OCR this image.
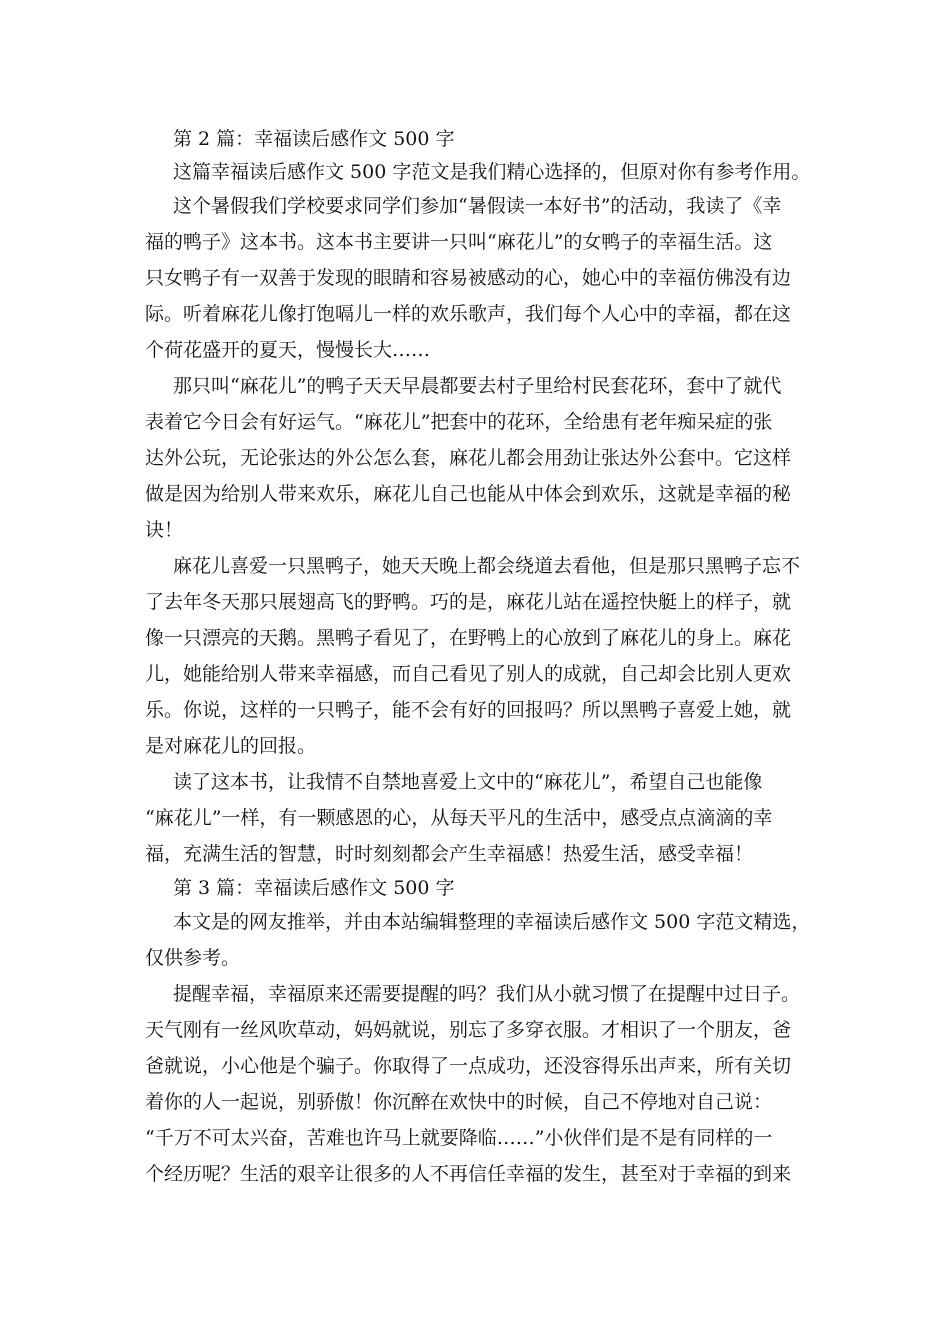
第 2 篇：幸福读后感作文 500 字
这篇幸福读后感作文 500 字范文是我们精心选择的，但原对你有参考作用。
这个暑假我们学校要求同学们参加“暑假读一本好书”的活动，我读了《幸
福的鸭子》这本书。这本书主要讲一只叫“麻花儿”的女鸭子的幸福生活。这
只女鸭子有一双善于发现的眼睛和容易被感动的心，她心中的幸福仿佛没有边
际。听着麻花儿像打饱嗝儿一样的欢乐歌声，我们每个人心中的幸福，都在这
个荷花盛开的夏天，慢慢长大……
那只叫“麻花儿”的鸭子天天早晨都要去村子里给村民套花环，套中了就代
表着它今日会有好运气。“麻花儿”把套中的花环，全给患有老年痴呆症的张
达外公玩，无论张达的外公怎么套，麻花儿都会用劲让张达外公套中。它这样
做是因为给别人带来欢乐，麻花儿自己也能从中体会到欢乐，这就是幸福的秘
诀！
麻花儿喜爱一只黑鸭子，她天天晚上都会绕道去看他，但是那只黑鸭子忘不
了去年冬天那只展翅高飞的野鸭。巧的是，麻花儿站在遥控快艇上的样子，就
像一只漂亮的天鹅。黑鸭子看见了，在野鸭上的心放到了麻花儿的身上。麻花
儿，她能给别人带来幸福感，而自己看见了别人的成就，自己却会比别人更欢
乐。你说，这样的一只鸭子，能不会有好的回报吗？所以黑鸭子喜爱上她，就
是对麻花儿的回报。
读了这本书，让我情不自禁地喜爱上文中的“麻花儿”，希望自己也能像
“麻花儿”一样，有一颗感恩的心，从每天平凡的生活中，感受点点滴滴的幸
福，充满生活的智慧，时时刻刻都会产生幸福感！热爱生活，感受幸福！
第 3 篇：幸福读后感作文 500 字
本文是的网友推举，并由本站编辑整理的幸福读后感作文 500 字范文精选，
仅供参考。
提醒幸福，幸福原来还需要提醒的吗？我们从小就习惯了在提醒中过日子。
天气刚有一丝风吹草动，妈妈就说，别忘了多穿衣服。才相识了一个朋友，爸
爸就说，小心他是个骗子。你取得了一点成功，还没容得乐出声来，所有关切
着你的人一起说，别骄傲！你沉醉在欢快中的时候，自己不停地对自己说：
“千万不可太兴奋，苦难也许马上就要降临……”小伙伴们是不是有同样的一
个经历呢？生活的艰辛让很多的人不再信任幸福的发生，甚至对于幸福的到来
